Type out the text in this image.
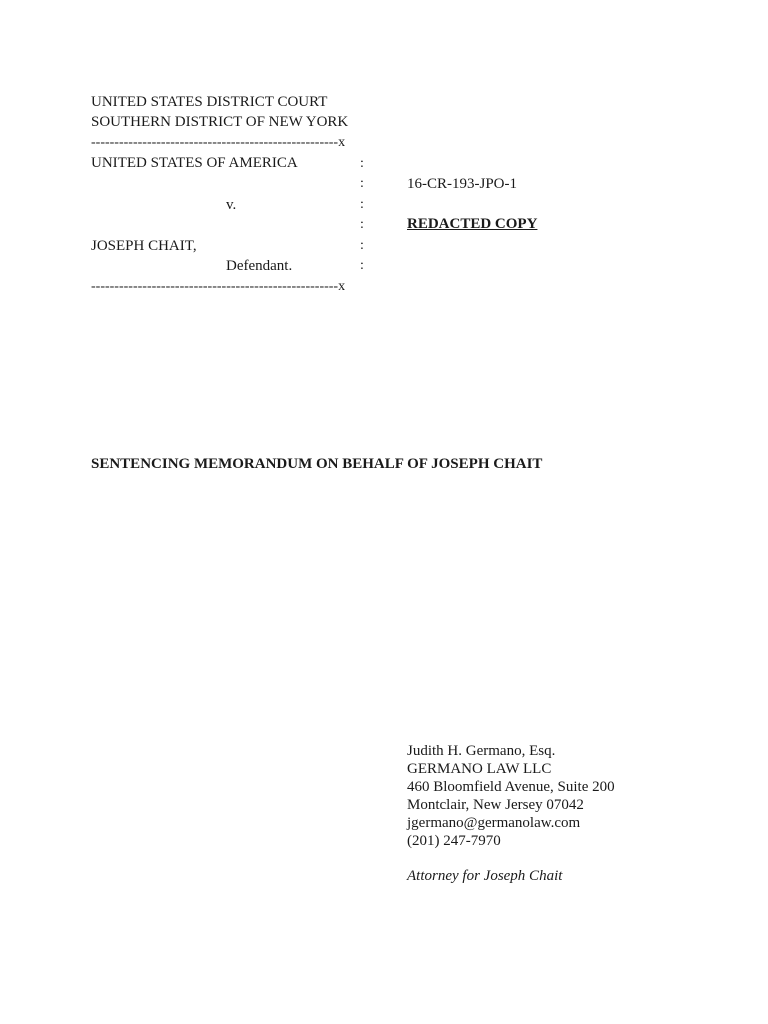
UNITED STATES DISTRICT COURT
SOUTHERN DISTRICT OF NEW YORK
-----------------------------------------------------x
UNITED STATES OF AMERICA
v.
JOSEPH CHAIT,
Defendant.
-----------------------------------------------------x
:
:
:
:
:
:
16-CR-193-JPO-1
REDACTED COPY
SENTENCING MEMORANDUM ON BEHALF OF JOSEPH CHAIT
Judith H. Germano, Esq.
GERMANO LAW LLC
460 Bloomfield Avenue, Suite 200
Montclair, New Jersey 07042
jgermano@germanolaw.com
(201) 247-7970
Attorney for Joseph Chait
